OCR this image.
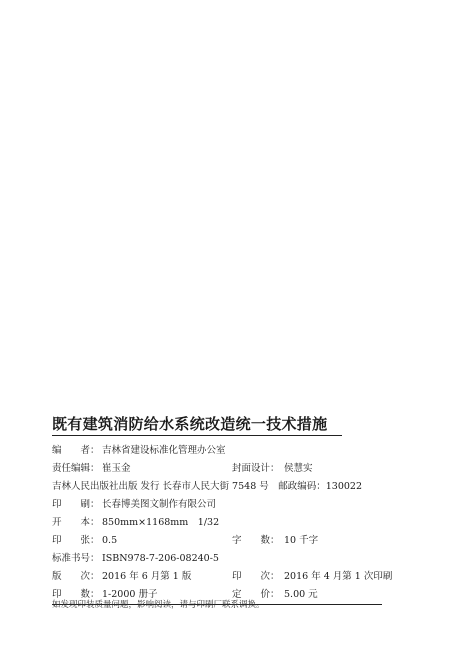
既有建筑消防给水系统改造统一技术措施
编　　者： 吉林省建设标准化管理办公室
责任编辑： 崔玉金	封面设计： 侯慧实
吉林人民出版社出版 发行 长春市人民大街 7548 号　邮政编码：130022
印　　刷： 长春博美图文制作有限公司
开　　本： 850mm×1168mm　1/32
印　　张： 0.5	字　　数： 10 千字
标准书号： ISBN978-7-206-08240-5
版　　次： 2016 年 6 月第 1 版	印　　次： 2016 年 4 月第 1 次印刷
印　　数： 1-2000 册子	定　　价： 5.00 元
如发现印装质量问题，影响阅读，请与印刷厂联系调换。
